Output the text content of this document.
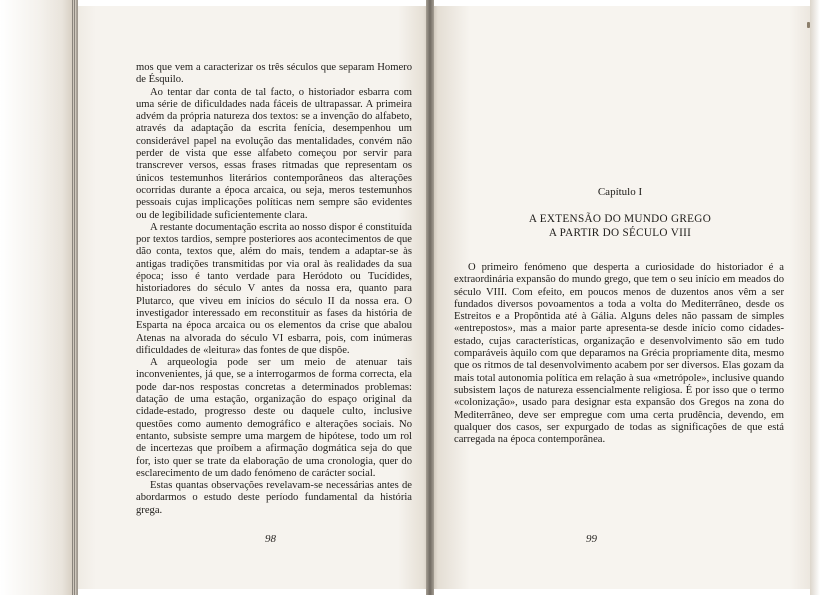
mos que vem a caracterizar os três séculos que separam Homero de Ésquilo.

Ao tentar dar conta de tal facto, o historiador esbarra com uma série de dificuldades nada fáceis de ultrapassar. A primeira advém da própria natureza dos textos: se a invenção do alfabeto, através da adaptação da escrita fenícia, desempenhou um considerável papel na evolução das mentalidades, convém não perder de vista que esse alfabeto começou por servir para transcrever versos, essas frases ritmadas que representam os únicos testemunhos literários contemporâneos das alterações ocorridas durante a época arcaica, ou seja, meros testemunhos pessoais cujas implicações políticas nem sempre são evidentes ou de legibilidade suficientemente clara.

A restante documentação escrita ao nosso dispor é constituída por textos tardios, sempre posteriores aos acontecimentos de que dão conta, textos que, além do mais, tendem a adaptar-se às antigas tradições transmitidas por via oral às realidades da sua época; isso é tanto verdade para Heródoto ou Tucídides, historiadores do século V antes da nossa era, quanto para Plutarco, que viveu em inícios do século II da nossa era. O investigador interessado em reconstituir as fases da história de Esparta na época arcaica ou os elementos da crise que abalou Atenas na alvorada do século VI esbarra, pois, com inúmeras dificuldades de «leitura» das fontes de que dispõe.

A arqueologia pode ser um meio de atenuar tais inconvenientes, já que, se a interrogarmos de forma correcta, ela pode dar-nos respostas concretas a determinados problemas: datação de uma estação, organização do espaço original da cidade-estado, progresso deste ou daquele culto, inclusive questões como aumento demográfico e alterações sociais. No entanto, subsiste sempre uma margem de hipótese, todo um rol de incertezas que proíbem a afirmação dogmática seja do que for, isto quer se trate da elaboração de uma cronologia, quer do esclarecimento de um dado fenómeno de carácter social.

Estas quantas observações revelavam-se necessárias antes de abordarmos o estudo deste período fundamental da história grega.

98
Capítulo I
A EXTENSÃO DO MUNDO GREGO
A PARTIR DO SÉCULO VIII

O primeiro fenómeno que desperta a curiosidade do historiador é a extraordinária expansão do mundo grego, que tem o seu início em meados do século VIII. Com efeito, em poucos menos de duzentos anos vêm a ser fundados diversos povoamentos a toda a volta do Mediterrâneo, desde os Estreitos e a Propôntida até à Gália. Alguns deles não passam de simples «entrepostos», mas a maior parte apresenta-se desde início como cidades-estado, cujas características, organização e desenvolvimento são em tudo comparáveis àquilo com que deparamos na Grécia propriamente dita, mesmo que os ritmos de tal desenvolvimento acabem por ser diversos. Elas gozam da mais total autonomia política em relação à sua «metrópole», inclusive quando subsistem laços de natureza essencialmente religiosa. É por isso que o termo «colonização», usado para designar esta expansão dos Gregos na zona do Mediterrâneo, deve ser empregue com uma certa prudência, devendo, em qualquer dos casos, ser expurgado de todas as significações de que está carregada na época contemporânea.

99
